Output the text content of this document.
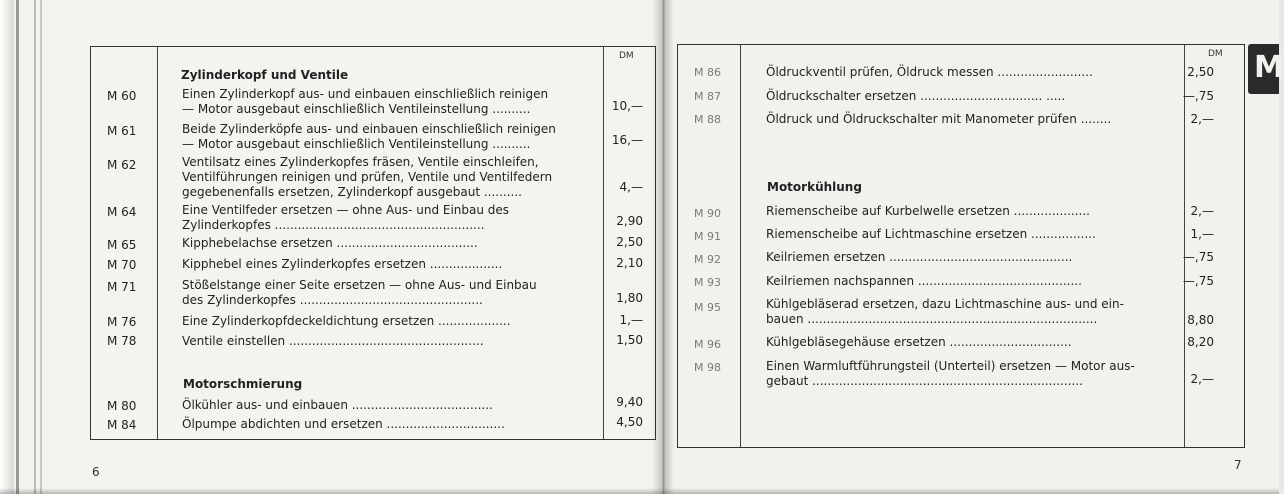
DM
Zylinderkopf und Ventile
M 60	Einen Zylinderkopf aus- und einbauen einschließlich reinigen
— Motor ausgebaut einschließlich Ventileinstellung ..........	10,—
M 61	Beide Zylinderköpfe aus- und einbauen einschließlich reinigen
— Motor ausgebaut einschließlich Ventileinstellung ..........	16,—
M 62	Ventilsatz eines Zylinderkopfes fräsen, Ventile einschleifen,
Ventilführungen reinigen und prüfen, Ventile und Ventilfedern
gegebenenfalls ersetzen, Zylinderkopf ausgebaut ..........	4,—
M 64	Eine Ventilfeder ersetzen — ohne Aus- und Einbau des
Zylinderkopfes .......................................................	2,90
M 65	Kipphebelachse ersetzen .....................................	2,50
M 70	Kipphebel eines Zylinderkopfes ersetzen ...................	2,10
M 71	Stößelstange einer Seite ersetzen — ohne Aus- und Einbau
des Zylinderkopfes ................................................	1,80
M 76	Eine Zylinderkopfdeckeldichtung ersetzen ...................	1,—
M 78	Ventile einstellen ...................................................	1,50
Motorschmierung
M 80	Ölkühler aus- und einbauen .....................................	9,40
M 84	Ölpumpe abdichten und ersetzen ...............................	4,50
6
DM
M 86	Öldruckventil prüfen, Öldruck messen .........................	2,50
M 87	Öldruckschalter ersetzen ................................ .....	—,75
M 88	Öldruck und Öldruckschalter mit Manometer prüfen ........	2,—
Motorkühlung
M 90	Riemenscheibe auf Kurbelwelle ersetzen ....................	2,—
M 91	Riemenscheibe auf Lichtmaschine ersetzen .................	1,—
M 92	Keilriemen ersetzen ................................................	—,75
M 93	Keilriemen nachspannen ...........................................	—,75
M 95	Kühlgebläserad ersetzen, dazu Lichtmaschine aus- und ein-
bauen ............................................................................	8,80
M 96	Kühlgebläsegehäuse ersetzen ................................	8,20
M 98	Einen Warmluftführungsteil (Unterteil) ersetzen — Motor aus-
gebaut .......................................................................	2,—
7
M
